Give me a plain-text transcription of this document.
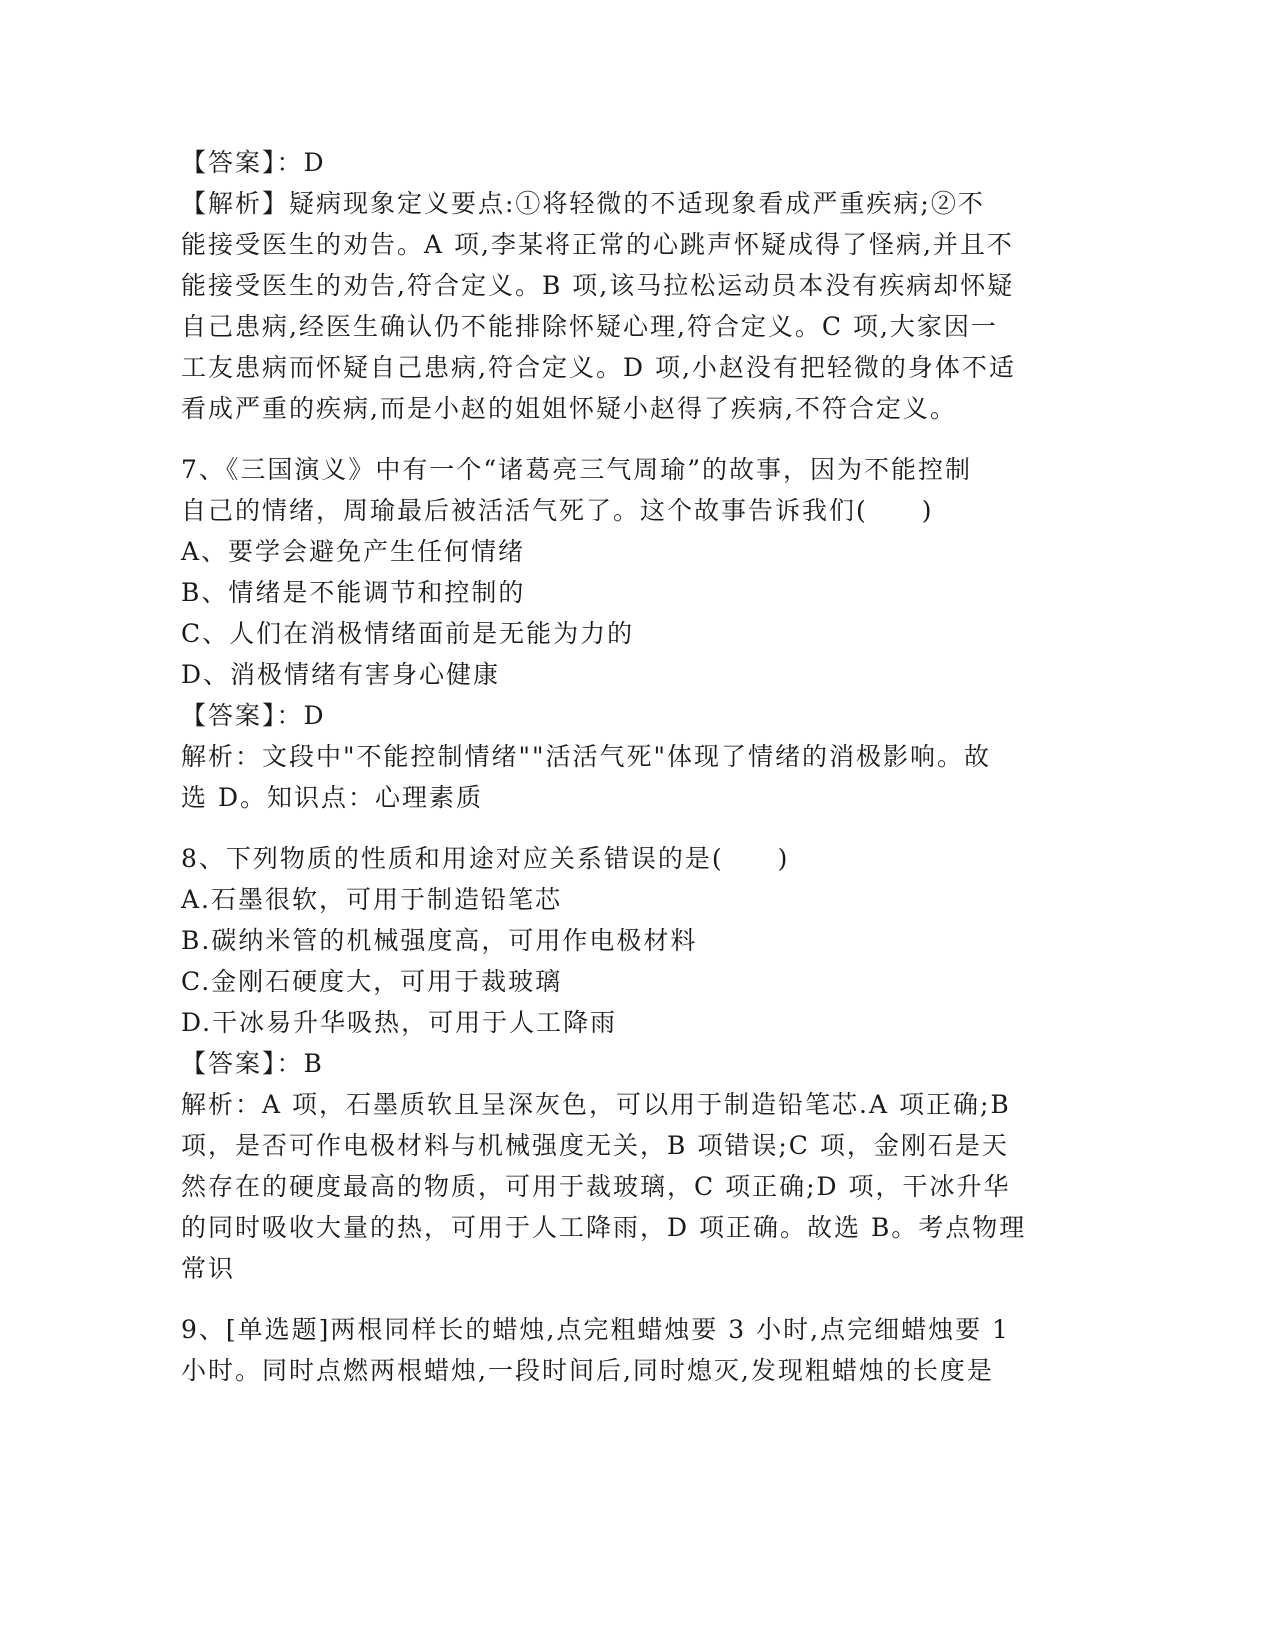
【答案】：D
【解析】疑病现象定义要点:①将轻微的不适现象看成严重疾病;②不
能接受医生的劝告。A 项,李某将正常的心跳声怀疑成得了怪病,并且不
能接受医生的劝告,符合定义。B 项,该马拉松运动员本没有疾病却怀疑
自己患病,经医生确认仍不能排除怀疑心理,符合定义。C 项,大家因一
工友患病而怀疑自己患病,符合定义。D 项,小赵没有把轻微的身体不适
看成严重的疾病,而是小赵的姐姐怀疑小赵得了疾病,不符合定义。
7、《三国演义》中有一个“诸葛亮三气周瑜”的故事，因为不能控制
自己的情绪，周瑜最后被活活气死了。这个故事告诉我们(　　)
A、要学会避免产生任何情绪
B、情绪是不能调节和控制的
C、人们在消极情绪面前是无能为力的
D、消极情绪有害身心健康
【答案】：D
解析：文段中"不能控制情绪""活活气死"体现了情绪的消极影响。故
选 D。知识点：心理素质
8、下列物质的性质和用途对应关系错误的是(　　)
A.石墨很软，可用于制造铅笔芯
B.碳纳米管的机械强度高，可用作电极材料
C.金刚石硬度大，可用于裁玻璃
D.干冰易升华吸热，可用于人工降雨
【答案】：B
解析：A 项，石墨质软且呈深灰色，可以用于制造铅笔芯.A 项正确;B
项，是否可作电极材料与机械强度无关，B 项错误;C 项，金刚石是天
然存在的硬度最高的物质，可用于裁玻璃，C 项正确;D 项，干冰升华
的同时吸收大量的热，可用于人工降雨，D 项正确。故选 B。考点物理
常识
9、[单选题]两根同样长的蜡烛,点完粗蜡烛要 3 小时,点完细蜡烛要 1
小时。同时点燃两根蜡烛,一段时间后,同时熄灭,发现粗蜡烛的长度是
